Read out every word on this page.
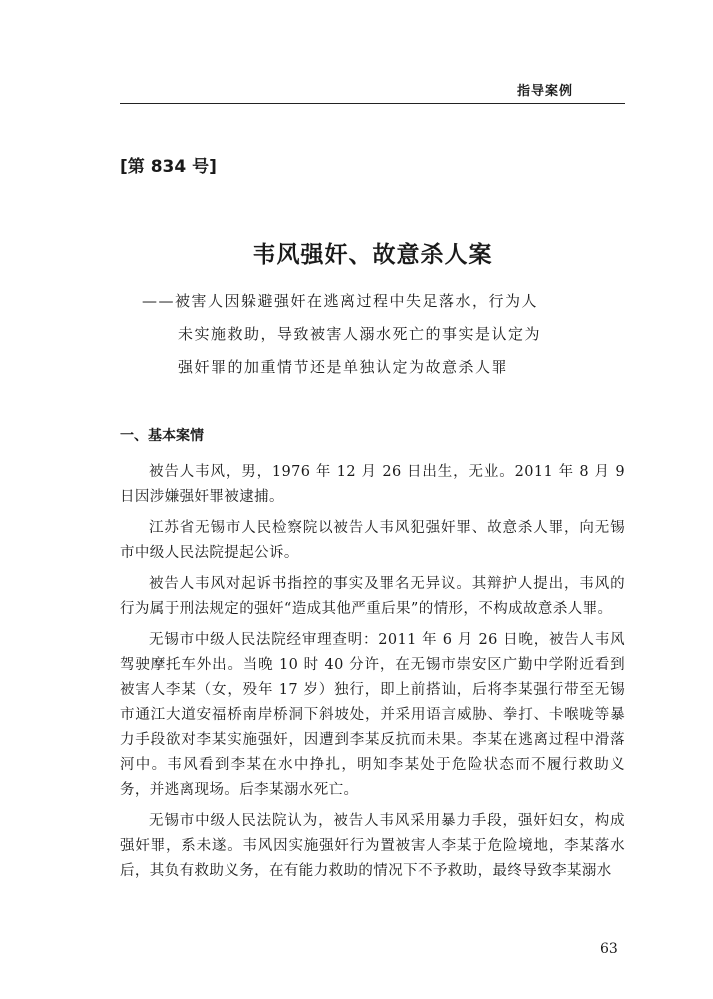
指导案例
[第 834 号]
韦风强奸、故意杀人案
——被害人因躲避强奸在逃离过程中失足落水，行为人
未实施救助，导致被害人溺水死亡的事实是认定为
强奸罪的加重情节还是单独认定为故意杀人罪
一、基本案情

被告人韦风，男，1976 年 12 月 26 日出生，无业。2011 年 8 月 9 日因涉嫌强奸罪被逮捕。

江苏省无锡市人民检察院以被告人韦风犯强奸罪、故意杀人罪，向无锡市中级人民法院提起公诉。

被告人韦风对起诉书指控的事实及罪名无异议。其辩护人提出，韦风的行为属于刑法规定的强奸“造成其他严重后果”的情形，不构成故意杀人罪。

无锡市中级人民法院经审理查明：2011 年 6 月 26 日晚，被告人韦风驾驶摩托车外出。当晚 10 时 40 分许，在无锡市崇安区广勤中学附近看到被害人李某（女，殁年 17 岁）独行，即上前搭讪，后将李某强行带至无锡市通江大道安福桥南岸桥洞下斜坡处，并采用语言威胁、拳打、卡喉咙等暴力手段欲对李某实施强奸，因遭到李某反抗而未果。李某在逃离过程中滑落河中。韦风看到李某在水中挣扎，明知李某处于危险状态而不履行救助义务，并逃离现场。后李某溺水死亡。

无锡市中级人民法院认为，被告人韦风采用暴力手段，强奸妇女，构成强奸罪，系未遂。韦风因实施强奸行为置被害人李某于危险境地，李某落水后，其负有救助义务，在有能力救助的情况下不予救助，最终导致李某溺水

63
